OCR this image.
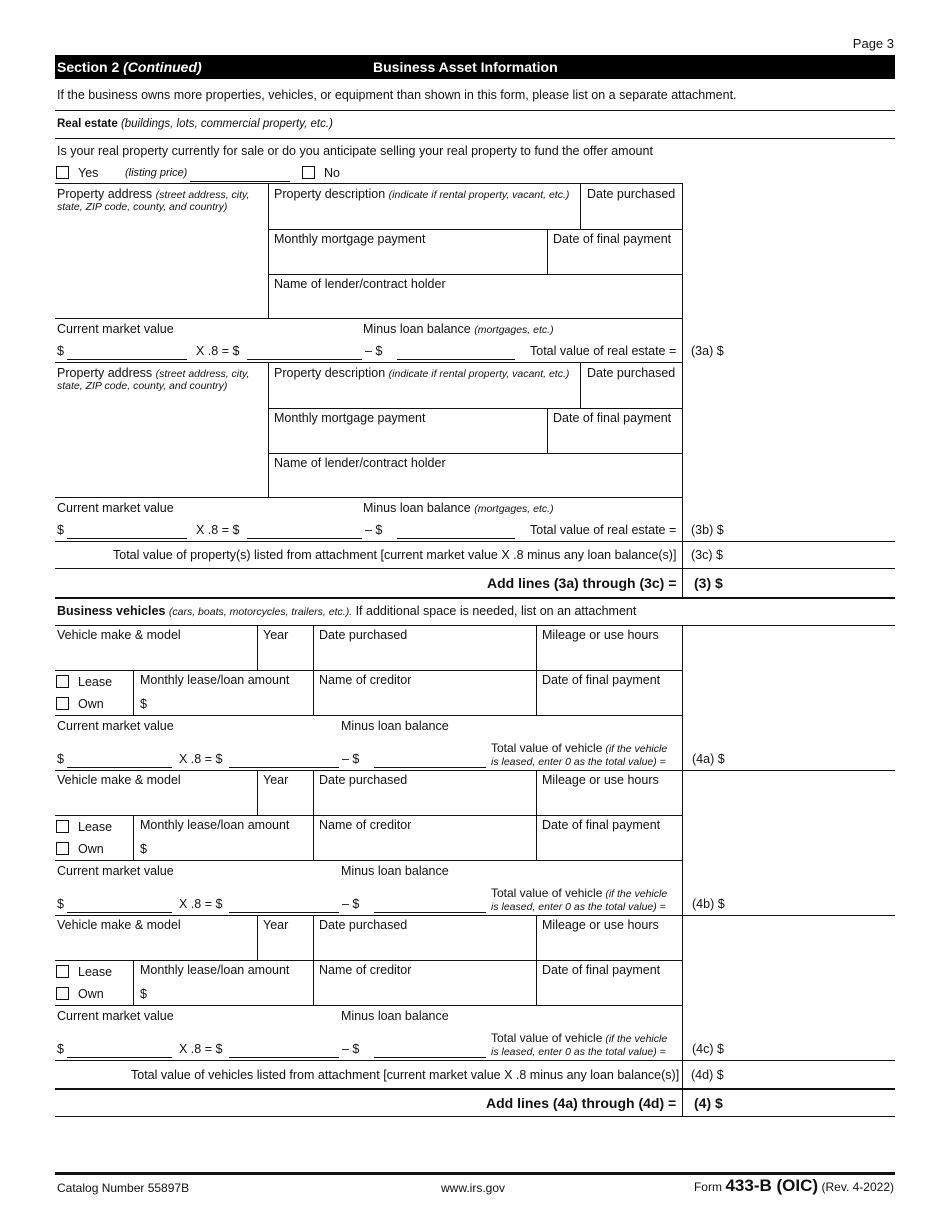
Page 3
Section 2 (Continued)	Business Asset Information
If the business owns more properties, vehicles, or equipment than shown in this form, please list on a separate attachment.
Real estate (buildings, lots, commercial property, etc.)
Is your real property currently for sale or do you anticipate selling your real property to fund the offer amount
Yes (listing price)	No
Property address (street address, city,
state, ZIP code, county, and country)
Property description (indicate if rental property, vacant, etc.) Date purchased
Monthly mortgage payment	Date of final payment
Name of lender/contract holder
Current market value	Minus loan balance (mortgages, etc.)
$	X .8 = $	– $	Total value of real estate = (3a) $
Property address (street address, city,
state, ZIP code, county, and country)
Property description (indicate if rental property, vacant, etc.) Date purchased
Monthly mortgage payment	Date of final payment
Name of lender/contract holder
Current market value	Minus loan balance (mortgages, etc.)
$	X .8 = $	– $	Total value of real estate = (3b) $
Total value of property(s) listed from attachment [current market value X .8 minus any loan balance(s)] (3c) $
Add lines (3a) through (3c) = (3) $
Business vehicles (cars, boats, motorcycles, trailers, etc.). If additional space is needed, list on an attachment
Vehicle make & model	Year Date purchased	Mileage or use hours
Lease
Own
Monthly lease/loan amount
$
Name of creditor	Date of final payment
Current market value	Minus loan balance
Total value of vehicle (if the vehicle
is leased, enter 0 as the total value) =
$	X .8 = $	– $	(4a) $
Vehicle make & model	Year Date purchased	Mileage or use hours
Lease
Own
Monthly lease/loan amount
$
Name of creditor	Date of final payment
Current market value	Minus loan balance
Total value of vehicle (if the vehicle
is leased, enter 0 as the total value) =
$	X .8 = $	– $	(4b) $
Vehicle make & model	Year Date purchased	Mileage or use hours
Lease
Own
Monthly lease/loan amount
$
Name of creditor	Date of final payment
Current market value	Minus loan balance
Total value of vehicle (if the vehicle
is leased, enter 0 as the total value) =
$	X .8 = $	– $	(4c) $
Total value of vehicles listed from attachment [current market value X .8 minus any loan balance(s)] (4d) $
Add lines (4a) through (4d) = (4) $
Catalog Number 55897B	www.irs.gov	Form 433-B (OIC) (Rev. 4-2022)
